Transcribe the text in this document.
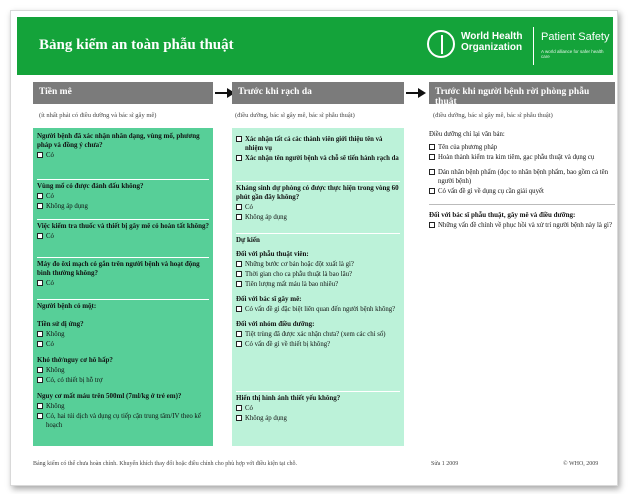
Bảng kiểm an toàn phẫu thuật
World Health Organization
Patient Safety
A world alliance for safer health care
Tiền mê	Trước khi rạch da	Trước khi người bệnh rời phòng phẫu thuật
(ít nhất phải có điều dưỡng và bác sĩ gây mê)	(điều dưỡng, bác sĩ gây mê, bác sĩ phẫu thuật)	(điều dưỡng, bác sĩ gây mê, bác sĩ phẫu thuật)
Người bệnh đã xác nhận nhân dạng, vùng mổ, phương pháp và đồng ý chưa?
Có
Vùng mổ có được đánh dấu không?
Có
Không áp dụng
Việc kiểm tra thuốc và thiết bị gây mê có hoàn tất không?
Có
Máy đo ôxi mạch có gắn trên người bệnh và hoạt động bình thường không?
Có
Người bệnh có mộ̣t:
Tiền sử dị ứng?
Không
Có
Khó thở/nguy cơ hô hấp?
Không
Có, có thiết bị hỗ trợ
Nguy cơ mất máu trên 500ml (7ml/kg ở trẻ em)?
Không
Có, hai túi dịch và dụng cụ tiếp cận trung tâm/IV theo kế hoạch
Xác nhận tất cả các thành viên giới thiệu tên và nhiệm vụ
Xác nhận tên người bệnh và chỗ sẽ tiến hành rạch da
Kháng sinh dự phòng có được thực hiện trong vòng 60 phút gần đây không?
Có
Không áp dụng
Dự kiến
Đối với phẫu thuật viên:
Những bước cơ bản hoặc đột xuất là gì?
Thời gian cho ca phẫu thuật là bao lâu?
Tiên lượng mất máu là bao nhiêu?
Đối với bác sĩ gây mê:
Có vấn đề gì đặc biệt liên quan đến người bệnh không?
Đối với nhóm điều dưỡng:
Tiệt trùng đã được xác nhận chưa? (xem các chỉ số)
Có vấn đề gì về thiết bị không?
Hiển thị hình ảnh thiết yếu không?
Có
Không áp dụng
Điều dưỡng chỉ lại văn bản:
Tên của phương pháp
Hoàn thành kiểm tra kim tiêm, gạc phẫu thuật và dụng cụ
Dán nhãn bệnh phẩm (đọc to nhãn bệnh phẩm, bao gồm cả tên người bệnh)
Có vấn đề gì về dụng cụ cần giải quyết
Đối với bác sĩ phẫu thuật, gây mê và điều dưỡng:
Những vấn đề chính về phục hồi và xử trí người bệnh này là gì?
Bảng kiểm có thể chưa hoàn chỉnh. Khuyến khích thay đổi hoặc điều chỉnh cho phù hợp với điều kiện tại chỗ.	Sửa 1 2009	© WHO, 2009
